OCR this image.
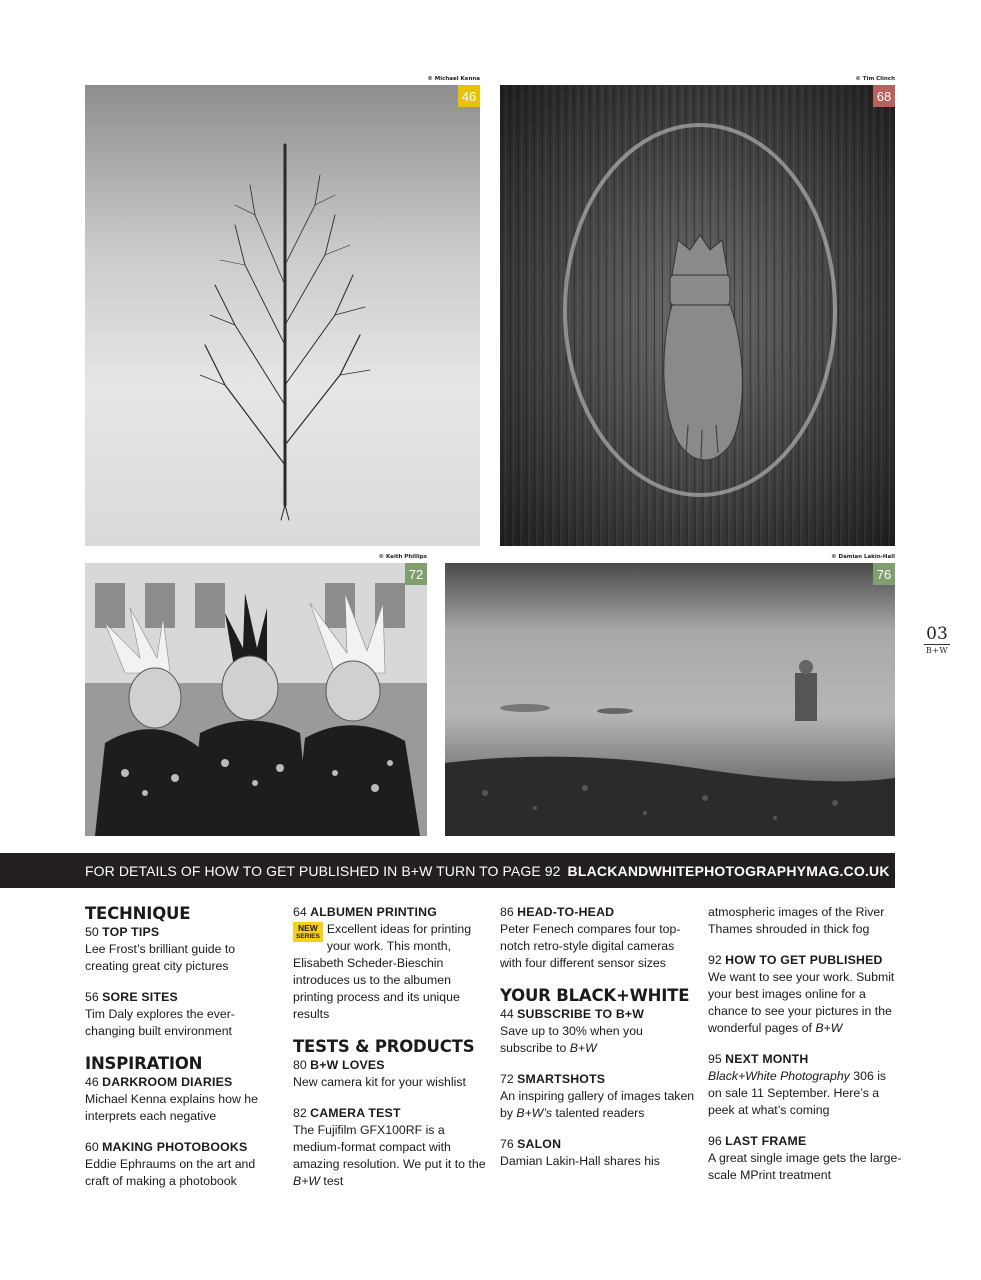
© Michael Kenna
46
© Tim Clinch
68
© Keith Phillips
72
© Damian Lakin-Hall
76
03
B+W
FOR DETAILS OF HOW TO GET PUBLISHED IN B+W TURN TO PAGE 92 BLACKANDWHITEPHOTOGRAPHYMAG.CO.UK
TECHNIQUE
50 TOP TIPS
Lee Frost’s brilliant guide to creating great city pictures
56 SORE SITES
Tim Daly explores the ever-changing built environment
INSPIRATION
46 DARKROOM DIARIES
Michael Kenna explains how he interprets each negative
60 MAKING PHOTOBOOKS
Eddie Ephraums on the art and craft of making a photobook
64 ALBUMEN PRINTING
NEW
SERIES
Excellent ideas for printing your work. This month, Elisabeth Scheder-Bieschin introduces us to the albumen printing process and its unique results
TESTS & PRODUCTS
80 B+W LOVES
New camera kit for your wishlist
82 CAMERA TEST
The Fujifilm GFX100RF is a medium-format compact with amazing resolution. We put it to the B+W test
86 HEAD-TO-HEAD
Peter Fenech compares four top-notch retro-style digital cameras with four different sensor sizes
YOUR BLACK+WHITE
44 SUBSCRIBE TO B+W
Save up to 30% when you subscribe to B+W
72 SMARTSHOTS
An inspiring gallery of images taken by B+W’s talented readers
76 SALON
Damian Lakin-Hall shares his
atmospheric images of the River Thames shrouded in thick fog
92 HOW TO GET PUBLISHED
We want to see your work. Submit your best images online for a chance to see your pictures in the wonderful pages of B+W
95 NEXT MONTH
Black+White Photography 306 is on sale 11 September. Here’s a peek at what’s coming
96 LAST FRAME
A great single image gets the large-scale MPrint treatment
